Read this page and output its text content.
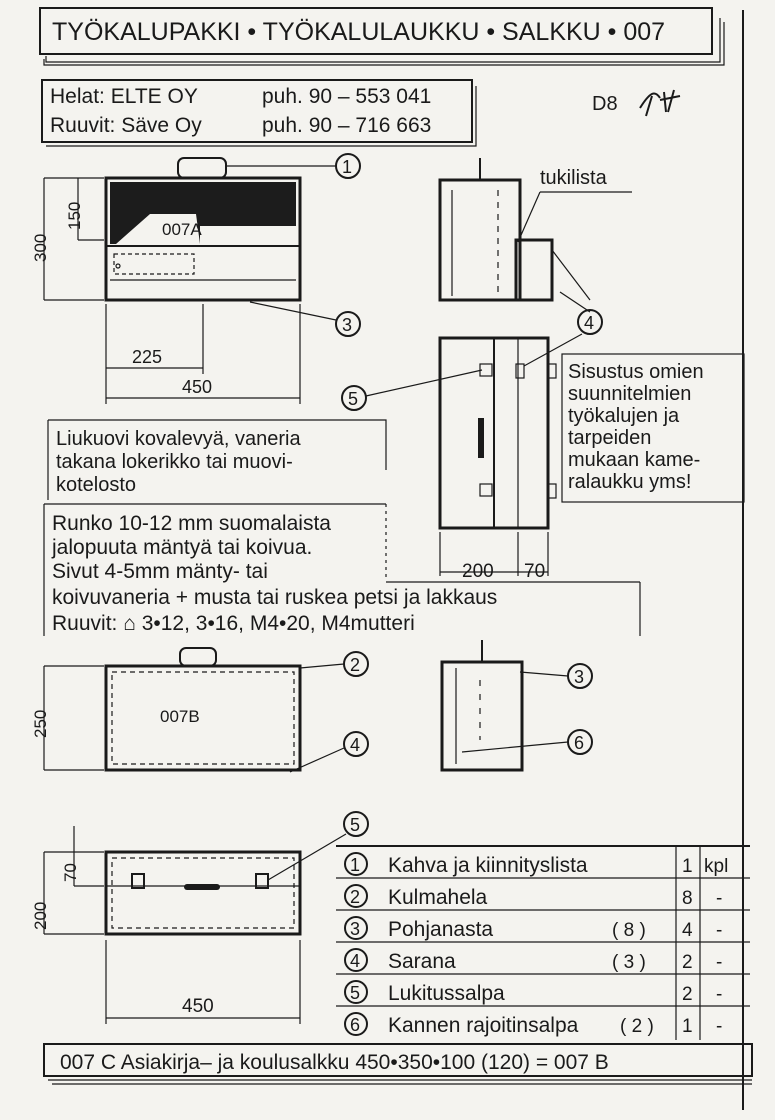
TYÖKALUPAKKI • TYÖKALULAUKKU • SALKKU • 007
Helat: ELTE OY	puh. 90 – 553 041
Ruuvit: Säve Oy	puh. 90 – 716 663
D8
007A
300
150
225
450
tukilista
200 70
1
3	4
5
Sisustus omien
suunnitelmien
työkalujen ja
tarpeiden
mukaan kame-
ralaukku yms!
Liukuovi kovalevyä, vaneria
takana lokerikko tai muovi-
kotelosto
Runko 10-12 mm suomalaista
jalopuuta mäntyä tai koivua.
Sivut 4-5mm mänty- tai
koivuvaneria + musta tai ruskea petsi ja lakkaus
Ruuvit: ⌂ 3•12, 3•16, M4•20, M4mutteri
007B
250
2
4
3
6
200
70
450
5
1 Kahva ja kiinnityslista	1 kpl
2 Kulmahela	8 -
3 Pohjanasta	( 8 ) 4 -
4 Sarana	( 3 ) 2 -
5 Lukitussalpa	2 -
6 Kannen rajoitinsalpa ( 2 ) 1 -
007 C Asiakirja– ja koulusalkku 450•350•100 (120) = 007 B
